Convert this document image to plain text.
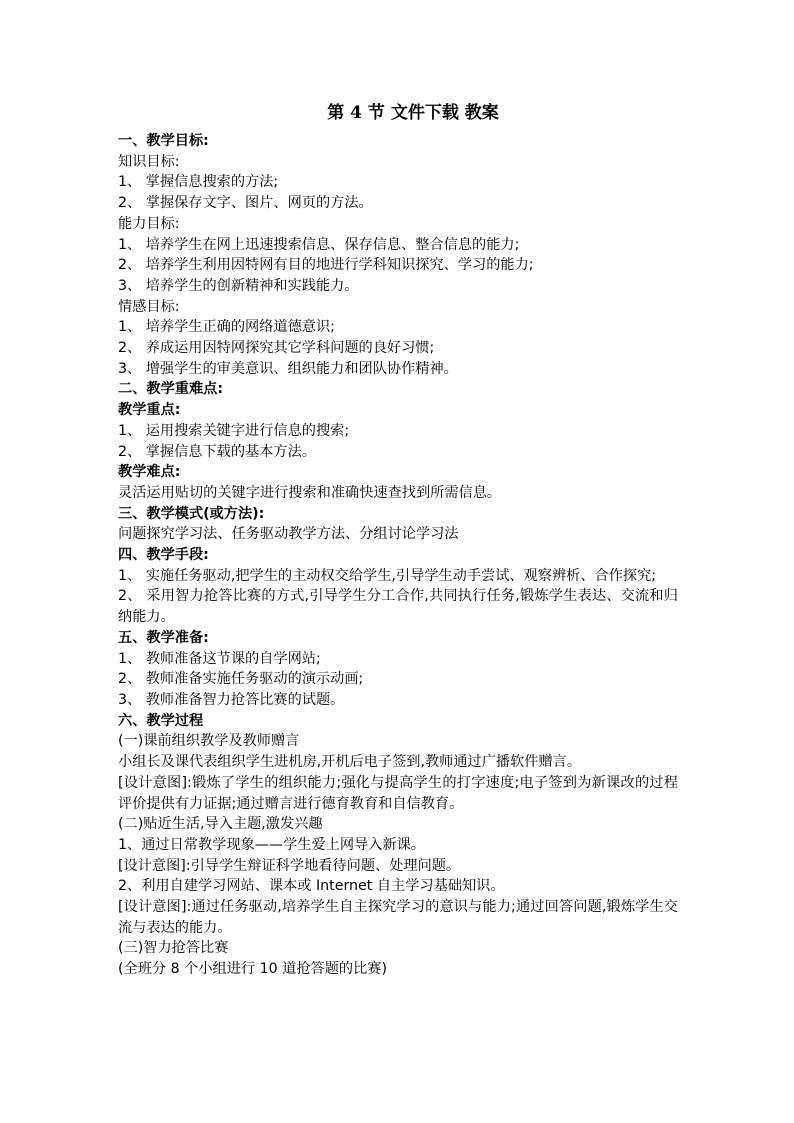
第 4 节 文件下载 教案
一、教学目标:
知识目标:
1、 掌握信息搜索的方法;
2、 掌握保存文字、图片、网页的方法。
能力目标:
1、 培养学生在网上迅速搜索信息、保存信息、整合信息的能力;
2、 培养学生利用因特网有目的地进行学科知识探究、学习的能力;
3、 培养学生的创新精神和实践能力。
情感目标:
1、 培养学生正确的网络道德意识;
2、 养成运用因特网探究其它学科问题的良好习惯;
3、 增强学生的审美意识、组织能力和团队协作精神。
二、教学重难点:
教学重点:
1、 运用搜索关键字进行信息的搜索;
2、 掌握信息下载的基本方法。
教学难点:
灵活运用贴切的关键字进行搜索和准确快速查找到所需信息。
三、教学模式(或方法):
问题探究学习法、任务驱动教学方法、分组讨论学习法
四、教学手段:
1、 实施任务驱动,把学生的主动权交给学生,引导学生动手尝试、观察辨析、合作探究;
2、 采用智力抢答比赛的方式,引导学生分工合作,共同执行任务,锻炼学生表达、交流和归纳能力。
五、教学准备:
1、 教师准备这节课的自学网站;
2、 教师准备实施任务驱动的演示动画;
3、 教师准备智力抢答比赛的试题。
六、教学过程
(一)课前组织教学及教师赠言
小组长及课代表组织学生进机房,开机后电子签到,教师通过广播软件赠言。
[设计意图]:锻炼了学生的组织能力;强化与提高学生的打字速度;电子签到为新课改的过程评价提供有力证据;通过赠言进行德育教育和自信教育。
(二)贴近生活,导入主题,激发兴趣
1、通过日常教学现象——学生爱上网导入新课。
[设计意图]:引导学生辩证科学地看待问题、处理问题。
2、利用自建学习网站、课本或 Internet 自主学习基础知识。
[设计意图]:通过任务驱动,培养学生自主探究学习的意识与能力;通过回答问题,锻炼学生交流与表达的能力。
(三)智力抢答比赛
(全班分 8 个小组进行 10 道抢答题的比赛)
